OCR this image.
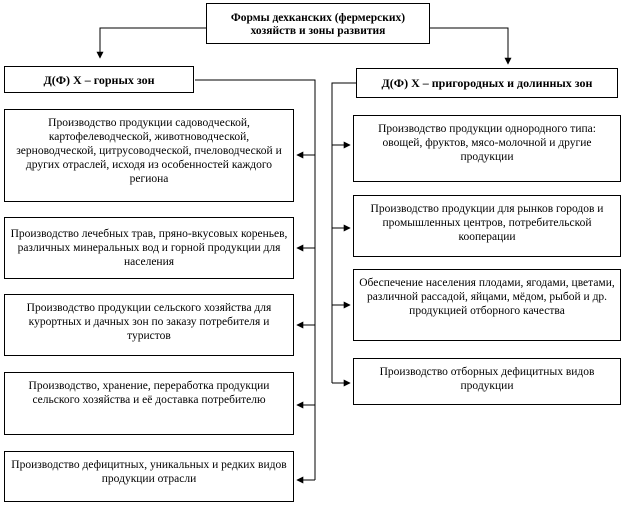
Формы дехканских (фермерских) хозяйств и зоны развития
Д(Ф) Х – горных зон	Д(Ф) Х – пригородных и долинных зон
Производство продукции садоводческой, картофелеводческой, животноводческой, зерноводческой, цитрусоводческой, пчеловодческой и других отраслей, исходя из особенностей каждого региона
Производство лечебных трав, пряно-вкусовых кореньев, различных минеральных вод и горной продукции для населения
Производство продукции сельского хозяйства для курортных и дачных зон по заказу потребителя и туристов
Производство, хранение, переработка продукции сельского хозяйства и её доставка потребителю
Производство дефицитных, уникальных и редких видов продукции отрасли
Производство продукции однородного типа: овощей, фруктов, мясо-молочной и другие продукции
Производство продукции для рынков городов и промышленных центров, потребительской кооперации
Обеспечение населения плодами, ягодами, цветами, различной рассадой, яйцами, мёдом, рыбой и др. продукцией отборного качества
Производство отборных дефицитных видов продукции
